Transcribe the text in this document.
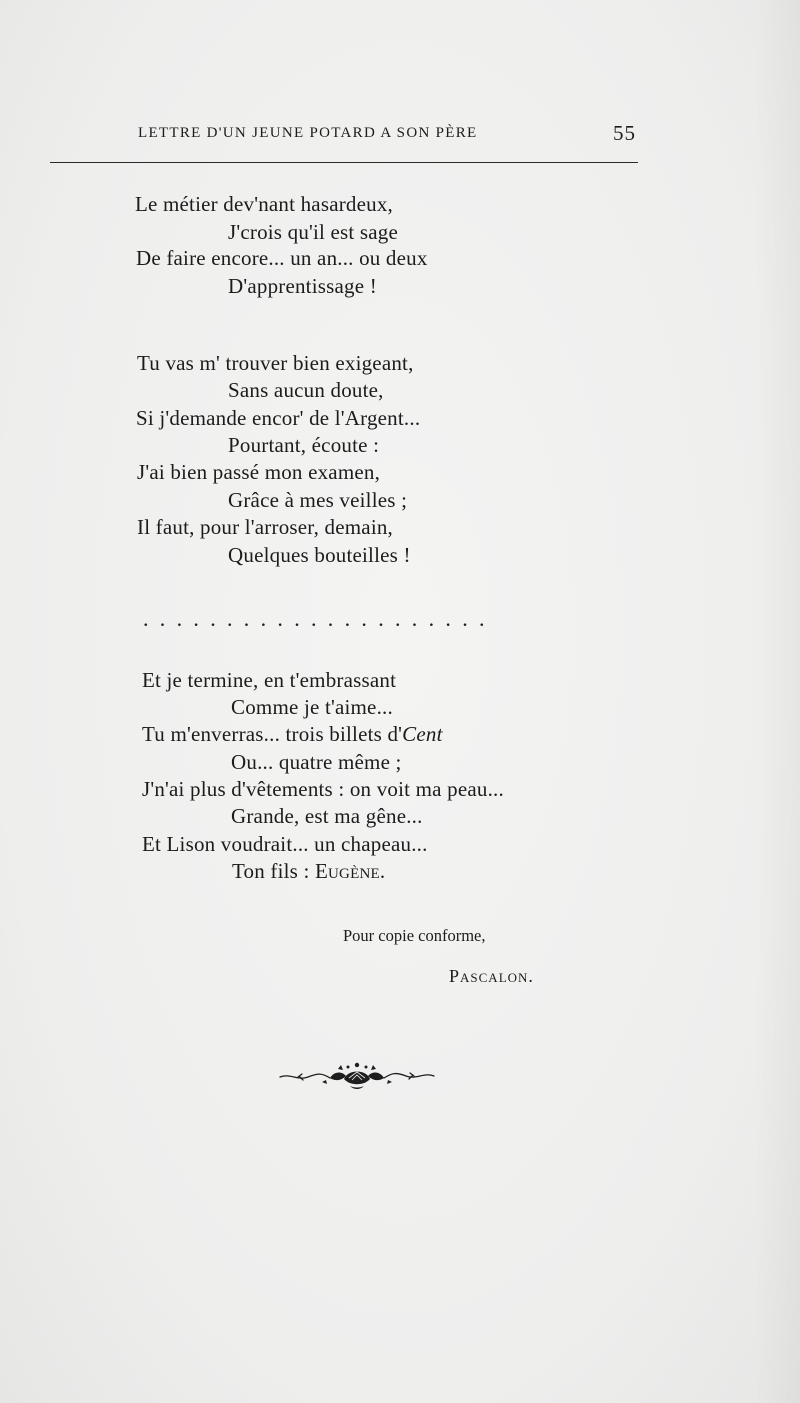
LETTRE D'UN JEUNE POTARD A SON PÈRE	55
Le métier dev'nant hasardeux,
J'crois qu'il est sage
De faire encore... un an... ou deux
D'apprentissage !
Tu vas m' trouver bien exigeant,
Sans aucun doute,
Si j'demande encor' de l'Argent...
Pourtant, écoute :
J'ai bien passé mon examen,
Grâce à mes veilles ;
Il faut, pour l'arroser, demain,
Quelques bouteilles !
.....................
Et je termine, en t'embrassant
Comme je t'aime...
Tu m'enverras... trois billets d'Cent
Ou... quatre même ;
J'n'ai plus d'vêtements : on voit ma peau...
Grande, est ma gêne...
Et Lison voudrait... un chapeau...
Ton fils : Eugène.
Pour copie conforme,
Pascalon.
